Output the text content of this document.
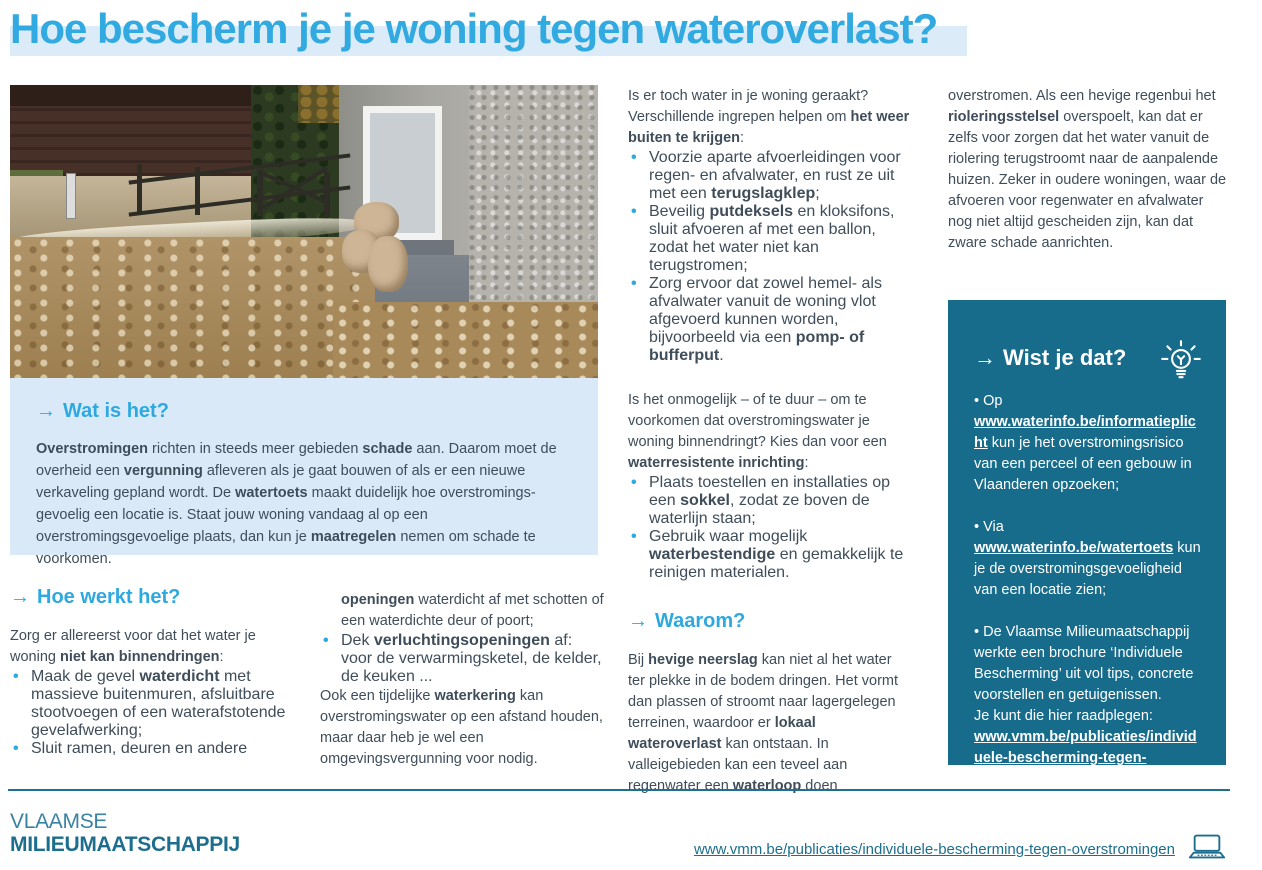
Hoe bescherm je je woning tegen wateroverlast?
→ Wat is het?

Overstromingen richten in steeds meer gebieden schade aan. Daarom moet de overheid een vergunning afleveren als je gaat bouwen of als er een nieuwe verkaveling gepland wordt. De watertoets maakt duidelijk hoe overstromings-gevoelig een locatie is. Staat jouw woning vandaag al op een overstromingsgevoelige plaats, dan kun je maatregelen nemen om schade te voorkomen.

→ Hoe werkt het?

Zorg er allereerst voor dat het water je woning niet kan binnendringen:

• Maak de gevel waterdicht met massieve buitenmuren, afsluitbare stootvoegen of een waterafstotende gevelafwerking;
• Sluit ramen, deuren en andere

openingen waterdicht af met schotten of een waterdichte deur of poort;

• Dek verluchtingsopeningen af: voor de verwarmingsketel, de kelder, de keuken ...

Ook een tijdelijke waterkering kan overstromingswater op een afstand houden, maar daar heb je wel een omgevingsvergunning voor nodig.

Is er toch water in je woning geraakt? Verschillende ingrepen helpen om het weer buiten te krijgen:

• Voorzie aparte afvoerleidingen voor regen- en afvalwater, en rust ze uit met een terugslagklep;
• Beveilig putdeksels en kloksifons, sluit afvoeren af met een ballon, zodat het water niet kan terugstromen;
• Zorg ervoor dat zowel hemel- als afvalwater vanuit de woning vlot afgevoerd kunnen worden, bijvoorbeeld via een pomp- of bufferput.

Is het onmogelijk – of te duur – om te voorkomen dat overstromingswater je woning binnendringt? Kies dan voor een waterresistente inrichting:

• Plaats toestellen en installaties op een sokkel, zodat ze boven de waterlijn staan;
• Gebruik waar mogelijk waterbestendige en gemakkelijk te reinigen materialen.
→ Waarom?

Bij hevige neerslag kan niet al het water ter plekke in de bodem dringen. Het vormt dan plassen of stroomt naar lagergelegen terreinen, waardoor er lokaal wateroverlast kan ontstaan. In valleigebieden kan een teveel aan regenwater een waterloop doen

overstromen. Als een hevige regenbui het rioleringsstelsel overspoelt, kan dat er zelfs voor zorgen dat het water vanuit de riolering terugstroomt naar de aanpalende huizen. Zeker in oudere woningen, waar de afvoeren voor regenwater en afvalwater nog niet altijd gescheiden zijn, kan dat zware schade aanrichten.

→ Wist je dat?

• Op www.waterinfo.be/informatieplicht kun je het overstromingsrisico van een perceel of een gebouw in Vlaanderen opzoeken;

• Via www.waterinfo.be/watertoets kun je de overstromingsgevoeligheid van een locatie zien;

• De Vlaamse Milieumaatschappij werkte een brochure ‘Individuele Bescherming’ uit vol tips, concrete voorstellen en getuigenissen.
Je kunt die hier raadplegen:
www.vmm.be/publicaties/individuele-bescherming-tegen-overstromingen.

VLAAMSE
MILIEUMAATSCHAPPIJ	www.vmm.be/publicaties/individuele-bescherming-tegen-overstromingen
